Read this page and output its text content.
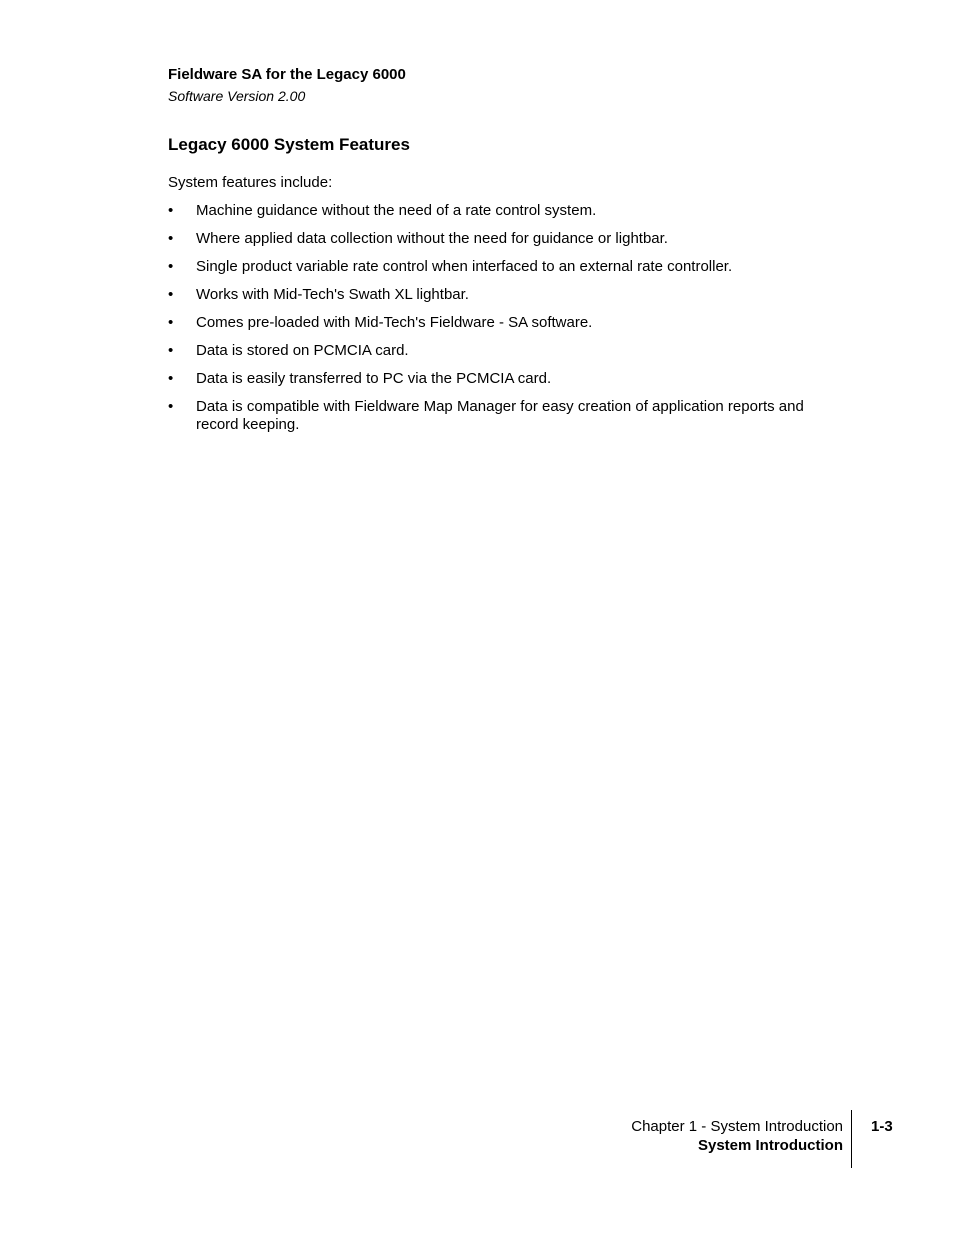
Fieldware SA for the Legacy 6000

Software Version 2.00

Legacy 6000 System Features

System features include:

• Machine guidance without the need of a rate control system.
• Where applied data collection without the need for guidance or lightbar.
• Single product variable rate control when interfaced to an external rate controller.
• Works with Mid-Tech's Swath XL lightbar.
• Comes pre-loaded with Mid-Tech's Fieldware - SA software.
• Data is stored on PCMCIA card.
• Data is easily transferred to PC via the PCMCIA card.
• Data is compatible with Fieldware Map Manager for easy creation of application reports and record keeping.

Chapter 1 - System Introduction

System Introduction

1-3
